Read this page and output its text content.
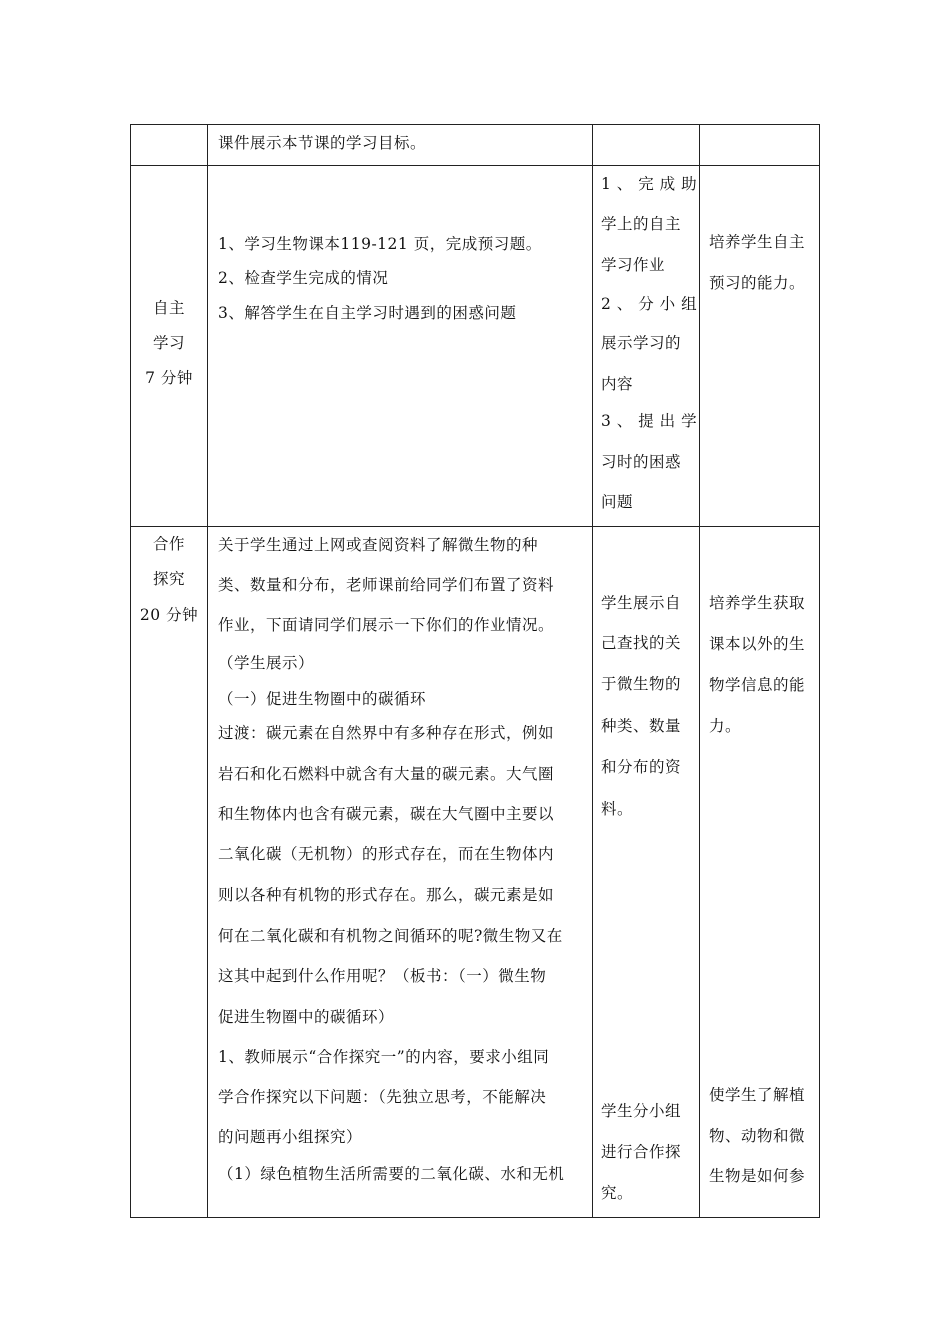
课件展示本节课的学习目标。
自主
学习
7 分钟
1、学习生物课本119-121 页，完成预习题。
2、检查学生完成的情况
3、解答学生在自主学习时遇到的困惑问题
1 、 完 成 助
学上的自主
学习作业
2 、 分 小 组
展示学习的
内容
3 、 提 出 学
习时的困惑
问题
培养学生自主
预习的能力。
合作
探究
20 分钟
关于学生通过上网或查阅资料了解微生物的种
类、数量和分布，老师课前给同学们布置了资料
作业，下面请同学们展示一下你们的作业情况。
（学生展示）
（一）促进生物圈中的碳循环
过渡：碳元素在自然界中有多种存在形式，例如
岩石和化石燃料中就含有大量的碳元素。大气圈
和生物体内也含有碳元素，碳在大气圈中主要以
二氧化碳（无机物）的形式存在，而在生物体内
则以各种有机物的形式存在。那么，碳元素是如
何在二氧化碳和有机物之间循环的呢?微生物又在
这其中起到什么作用呢？（板书：（一）微生物
促进生物圈中的碳循环）
1、教师展示“合作探究一”的内容，要求小组同
学合作探究以下问题：（先独立思考，不能解决
的问题再小组探究）
（1）绿色植物生活所需要的二氧化碳、水和无机
学生展示自
己查找的关
于微生物的
种类、数量
和分布的资
料。
学生分小组
进行合作探
究。
培养学生获取
课本以外的生
物学信息的能
力。
使学生了解植
物、动物和微
生物是如何参
